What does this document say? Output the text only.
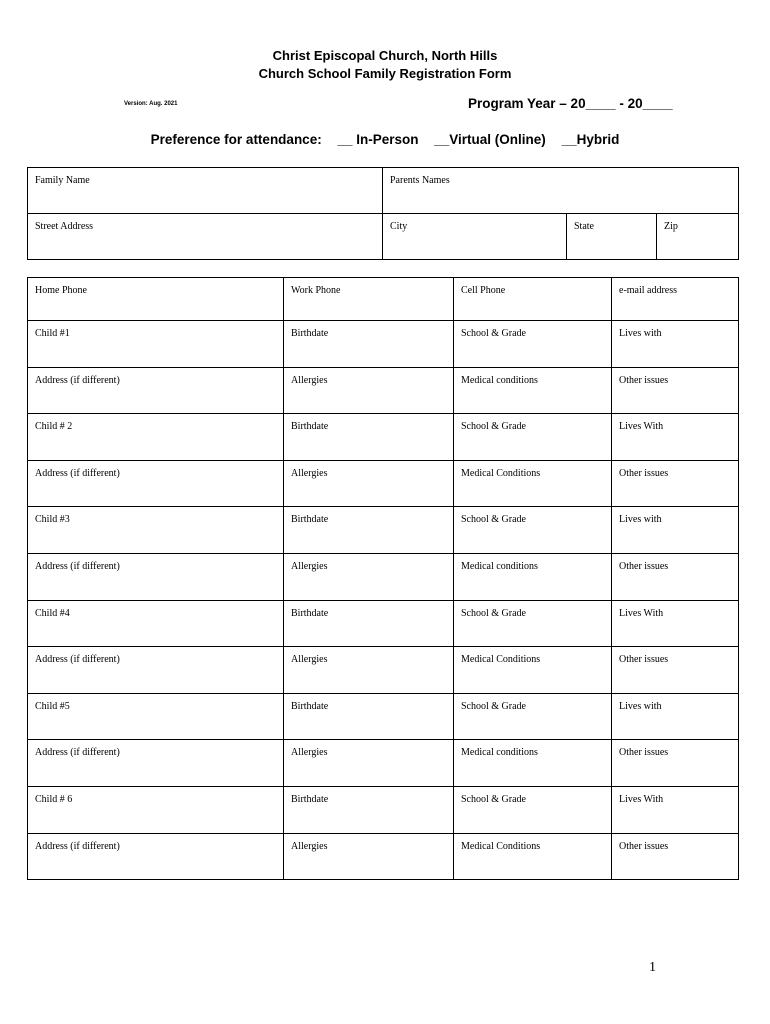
Christ Episcopal Church, North Hills
Church School Family Registration Form
Version: Aug. 2021	Program Year – 20____ - 20____
Preference for attendance: __ In-Person __Virtual (Online) __Hybrid
Family Name	Parents Names		
Street Address	City	State	Zip
Home Phone	Work Phone	Cell Phone	e-mail address
Child #1	Birthdate	School & Grade	Lives with
Address (if different)	Allergies	Medical conditions	Other issues
Child # 2	Birthdate	School & Grade	Lives With
Address (if different)	Allergies	Medical Conditions	Other issues
Child #3	Birthdate	School & Grade	Lives with
Address (if different)	Allergies	Medical conditions	Other issues
Child #4	Birthdate	School & Grade	Lives With
Address (if different)	Allergies	Medical Conditions	Other issues
Child #5	Birthdate	School & Grade	Lives with
Address (if different)	Allergies	Medical conditions	Other issues
Child # 6	Birthdate	School & Grade	Lives With
Address (if different)	Allergies	Medical Conditions	Other issues
1
